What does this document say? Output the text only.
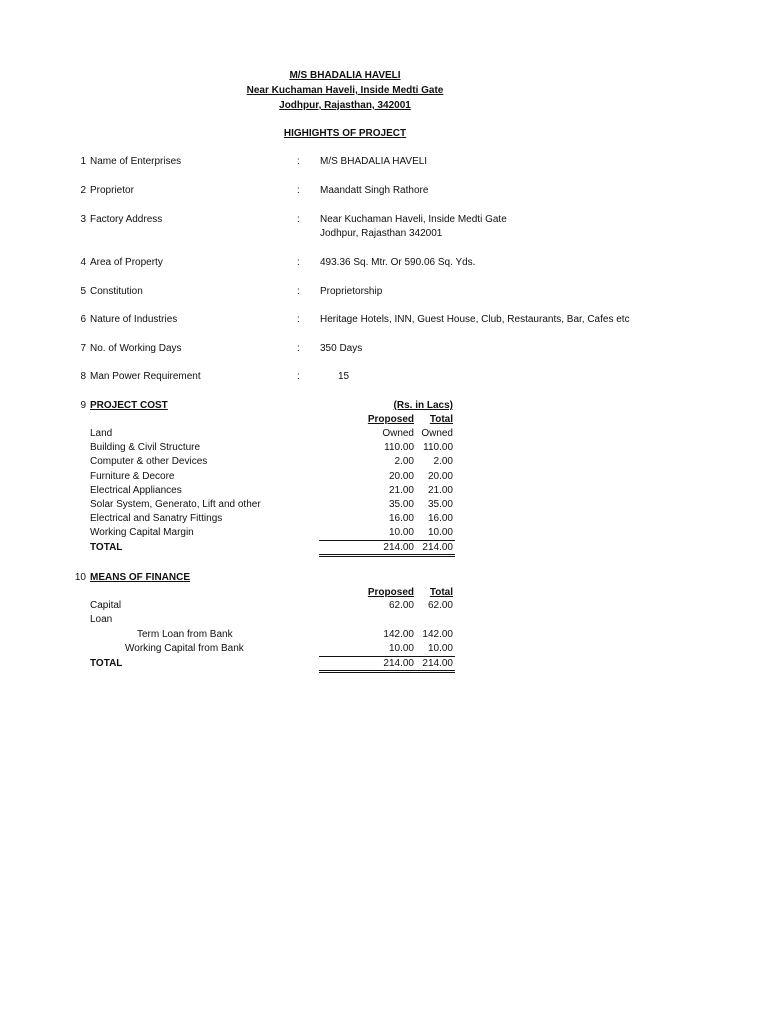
M/S BHADALIA HAVELI
Near Kuchaman Haveli, Inside Medti Gate
Jodhpur, Rajasthan, 342001
HIGHIGHTS OF PROJECT
1 Name of Enterprises	: M/S BHADALIA HAVELI
2 Proprietor	: Maandatt Singh Rathore
3 Factory Address	: Near Kuchaman Haveli, Inside Medti Gate
Jodhpur, Rajasthan 342001
4 Area of Property	: 493.36 Sq. Mtr. Or 590.06 Sq. Yds.
5 Constitution	: Proprietorship
6 Nature of Industries	: Heritage Hotels, INN, Guest House, Club, Restaurants, Bar, Cafes etc
7 No. of Working Days	: 350 Days
8 Man Power Requirement	:	15
9 PROJECT COST	(Rs. in Lacs)
Proposed	Total
Land	Owned Owned
Building & Civil Structure	110.00 110.00
Computer & other Devices	2.00	2.00
Furniture & Decore	20.00	20.00
Electrical Appliances	21.00	21.00
Solar System, Generato, Lift and other	35.00	35.00
Electrical and Sanatry Fittings	16.00	16.00
Working Capital Margin	10.00	10.00
TOTAL	214.00 214.00
10 MEANS OF FINANCE
Proposed	Total
Capital	62.00	62.00
Loan
Term Loan from Bank	142.00 142.00
Working Capital from Bank	10.00	10.00
TOTAL	214.00 214.00
